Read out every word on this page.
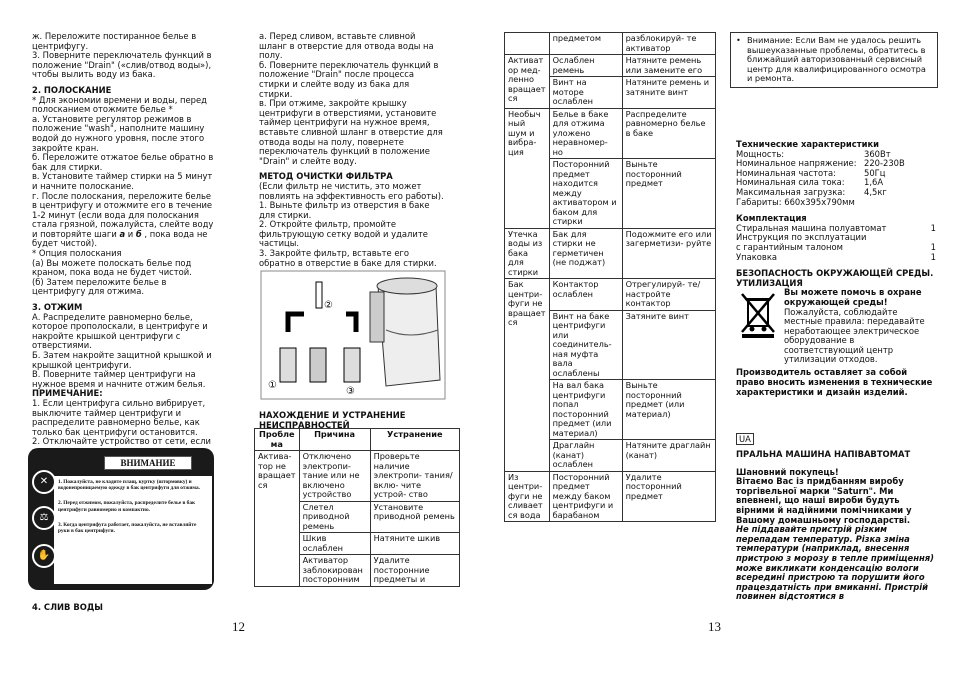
ж. Переложите постиранное белье в центрифугу.

3. Поверните переключатель функций в положение "Drain" («слив/отвод воды»), чтобы вылить воду из бака.

2. ПОЛОСКАНИЕ

* Для экономии времени и воды, перед полосканием отожмите белье *

а. Установите регулятор режимов в положение "wash", наполните машину водой до нужного уровня, после этого закройте кран.

б. Переложите отжатое белье обратно в бак для стирки.

в. Установите таймер стирки на 5 минут и начните полоскание.

г. После полоскания, переложите белье в центрифугу и отожмите его в течение 1-2 минут (если вода для полоскания стала грязной, пожалуйста, слейте воду и повторяйте шаги а и б , пока вода не будет чистой).

* Опция полоскания

(а) Вы можете полоскать белье под краном, пока вода не будет чистой.

(б) Затем переложите белье в центрифугу для отжима.

3. ОТЖИМ

А. Распределите равномерно белье, которое прополоскали, в центрифуге и накройте крышкой центрифуги с отверстиями.

Б. Затем накройте защитной крышкой и крышкой центрифуги.

В. Поверните таймер центрифуги на нужное время и начните отжим белья.

ПРИМЕЧАНИЕ:

1. Если центрифуга сильно вибрирует, выключите таймер центрифуги и распределите равномерно белье, как только бак центрифуги остановится.

2. Отключайте устройство от сети, если

✕
⚖
✋
ВНИМАНИЕ

1. Пожалуйста, не кладите плащ, куртку (штормовку) и водонепроницаемую одежду в бак центрифуги для отжима.

2. Перед отжимом, пожалуйста, распределите белье в бак центрифуги равномерно и компактно.

3. Когда центрифуга работает, пожалуйста, не вставляйте руки в бак центрифуги.

4. СЛИВ ВОДЫ

а. Перед сливом, вставьте сливной шланг в отверстие для отвода воды на полу.

б. Поверните переключатель функций в положение "Drain" после процесса стирки и слейте воду из бака для стирки.

в. При отжиме, закройте крышку центрифуги в отверстиями, установите таймер центрифуги на нужное время, вставьте сливной шланг в отверстие для отвода воды на полу, повернете переключатель функций в положение "Drain" и слейте воду.

МЕТОД ОЧИСТКИ ФИЛЬТРА

(Если фильтр не чистить, это может повлиять на эффективность его работы).

1. Выньте фильтр из отверстия в баке для стирки.

2. Откройте фильтр, промойте фильтрующую сетку водой и удалите частицы.

3. Закройте фильтр, вставьте его обратно в отверстие в баке для стирки.

②
①
③
НАХОЖДЕНИЕ И УСТРАНЕНИЕ НЕИСПРАВНОСТЕЙ
Пробле ма	Причина	Устранение
Актива- тор не вращает ся	Отключено электропи- тание или не включено устройство	Проверьте наличие электропи- тания/вклю- чите устрой- ство
	Слетел приводной ремень	Установите приводной ремень
	Шкив ослаблен	Натяните шкив
	Активатор заблокирован посторонним	Удалите посторонние предметы и
12
	предметом	разблокируй- те активатор
Активат ор мед- ленно вращает ся	Ослаблен ремень	Натяните ремень или замените его
	Винт на моторе ослаблен	Натяните ремень и затяните винт
Необыч ный шум и вибра- ция	Белье в баке для отжима уложено неравномер- но	Распределите равномерно белье в баке
	Посторонний предмет находится между активатором и баком для стирки	Выньте посторонний предмет
Утечка воды из бака для стирки	Бак для стирки не герметичен (не поджат)	Подожмите его или загерметизи- руйте
Бак центри- фуги не вращает ся	Контактор ослаблен	Отрегулируй- те/настройте контактор
	Винт на баке центрифуги или соединитель- ная муфта вала ослаблены	Затяните винт
	На вал бака центрифуги попал посторонний предмет (или материал)	Выньте посторонний предмет (или материал)
	Драглайн (канат) ослаблен	Натяните драглайн (канат)
Из центри- фуги не сливает ся вода	Посторонний предмет между баком центрифуги и барабаном	Удалите посторонний предмет
13
• Внимание: Если Вам не удалось решить вышеуказанные проблемы, обратитесь в ближайший авторизованный сервисный центр для квалифицированного осмотра и ремонта.

Технические характеристики

Мощность:	360Вт
Номинальное напряжение: 220-230В
Номинальная частота:	50Гц
Номинальная сила тока:	1,6А
Максимальная загрузка:	4,5кг
Габариты: 660x395x790мм

Комплектация

Стиральная машина полуавтомат	1
Инструкция по эксплуатации
с гарантийным талоном	1
Упаковка	1

БЕЗОПАСНОСТЬ ОКРУЖАЮЩЕЙ СРЕДЫ. УТИЛИЗАЦИЯ

Вы можете помочь в охране окружающей среды!

Пожалуйста, соблюдайте местные правила: передавайте неработающее электрическое оборудование в соответствующий центр утилизации отходов.

Производитель оставляет за собой право вносить изменения в технические характеристики и дизайн изделий.

UA

ПРАЛЬНА МАШИНА НАПІВАВТОМАТ

Шановний покупець!

Вітаємо Вас із придбанням виробу торгівельної марки "Saturn". Ми впевнені, що наші вироби будуть вірними й надійними помічниками у Вашому домашньому господарстві.

Не піддавайте пристрій різким перепадам температур. Різка зміна температури (наприклад, внесення пристрою з морозу в тепле приміщення) може викликати конденсацію вологи всередині пристрою та порушити його працездатність при вмиканні. Пристрій повинен відстоятися в
